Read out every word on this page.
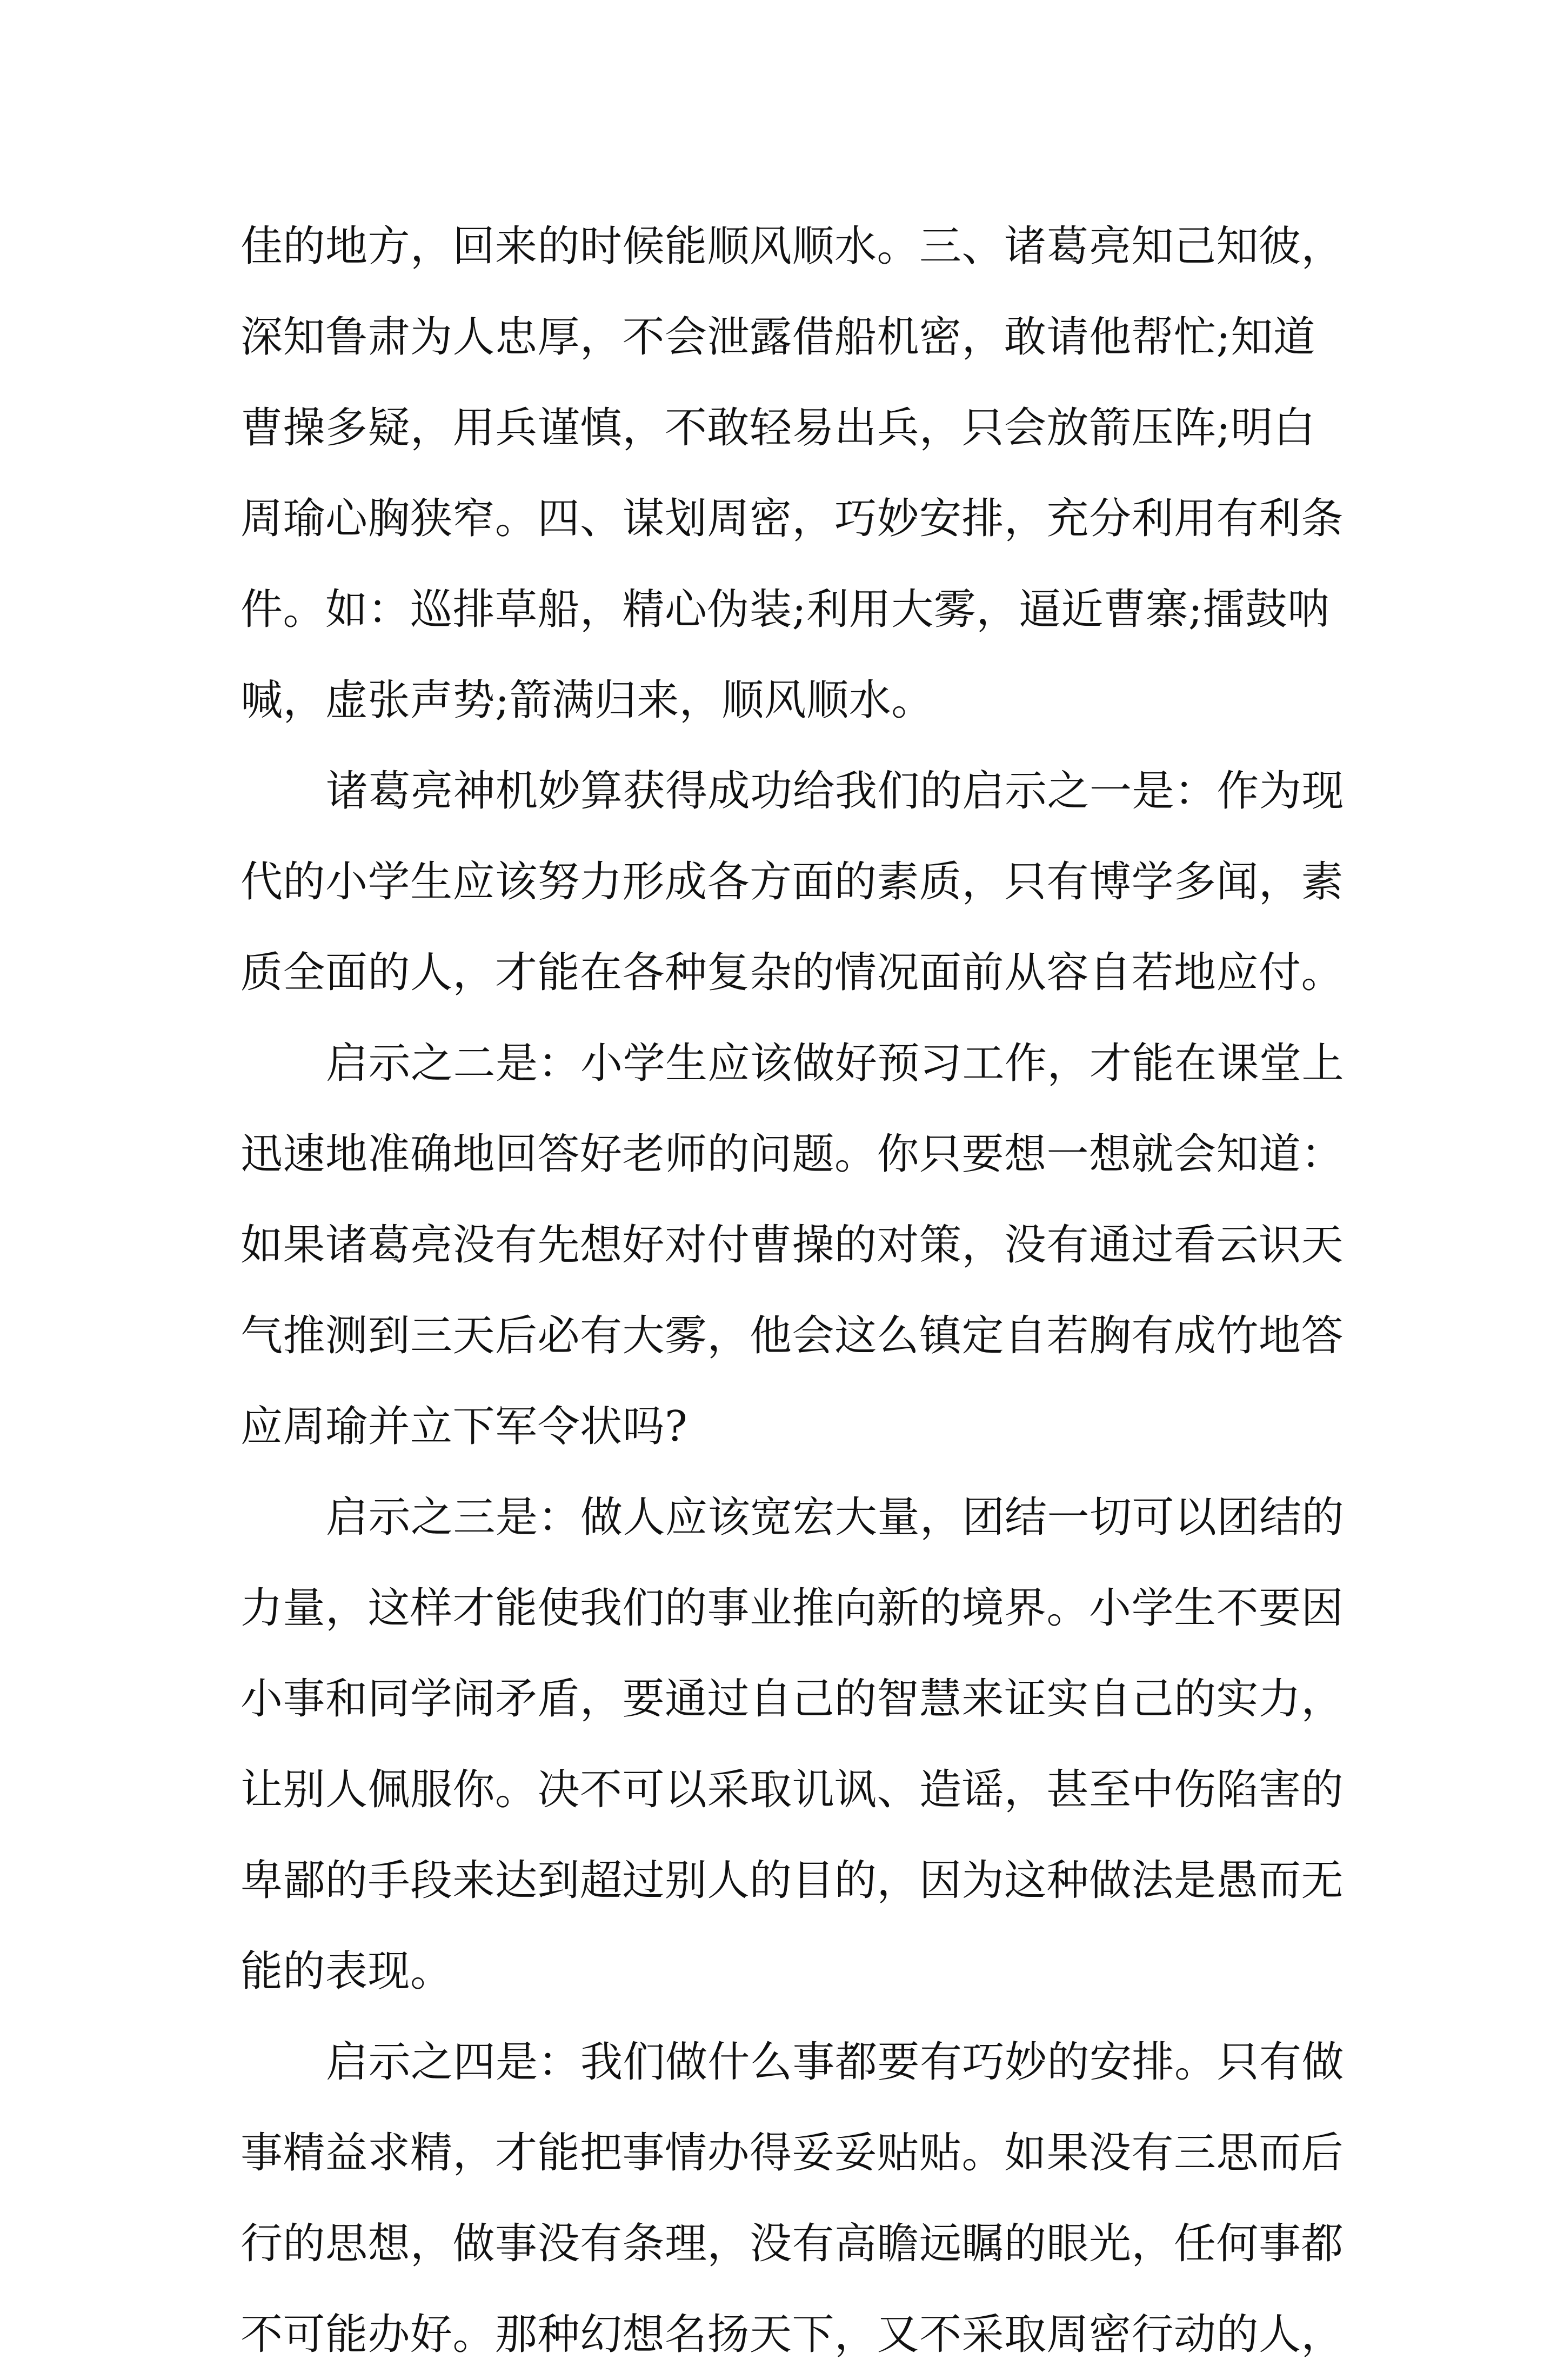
佳的地方，回来的时候能顺风顺水。三、诸葛亮知己知彼，
深知鲁肃为人忠厚，不会泄露借船机密，敢请他帮忙;知道
曹操多疑，用兵谨慎，不敢轻易出兵，只会放箭压阵;明白
周瑜心胸狭窄。四、谋划周密，巧妙安排，充分利用有利条
件。如：巡排草船，精心伪装;利用大雾，逼近曹寨;擂鼓呐
喊，虚张声势;箭满归来，顺风顺水。
诸葛亮神机妙算获得成功给我们的启示之一是：作为现
代的小学生应该努力形成各方面的素质，只有博学多闻，素
质全面的人，才能在各种复杂的情况面前从容自若地应付。
启示之二是：小学生应该做好预习工作，才能在课堂上
迅速地准确地回答好老师的问题。你只要想一想就会知道：
如果诸葛亮没有先想好对付曹操的对策，没有通过看云识天
气推测到三天后必有大雾，他会这么镇定自若胸有成竹地答
应周瑜并立下军令状吗?
启示之三是：做人应该宽宏大量，团结一切可以团结的
力量，这样才能使我们的事业推向新的境界。小学生不要因
小事和同学闹矛盾，要通过自己的智慧来证实自己的实力，
让别人佩服你。决不可以采取讥讽、造谣，甚至中伤陷害的
卑鄙的手段来达到超过别人的目的，因为这种做法是愚而无
能的表现。
启示之四是：我们做什么事都要有巧妙的安排。只有做
事精益求精，才能把事情办得妥妥贴贴。如果没有三思而后
行的思想，做事没有条理，没有高瞻远瞩的眼光，任何事都
不可能办好。那种幻想名扬天下，又不采取周密行动的人，
